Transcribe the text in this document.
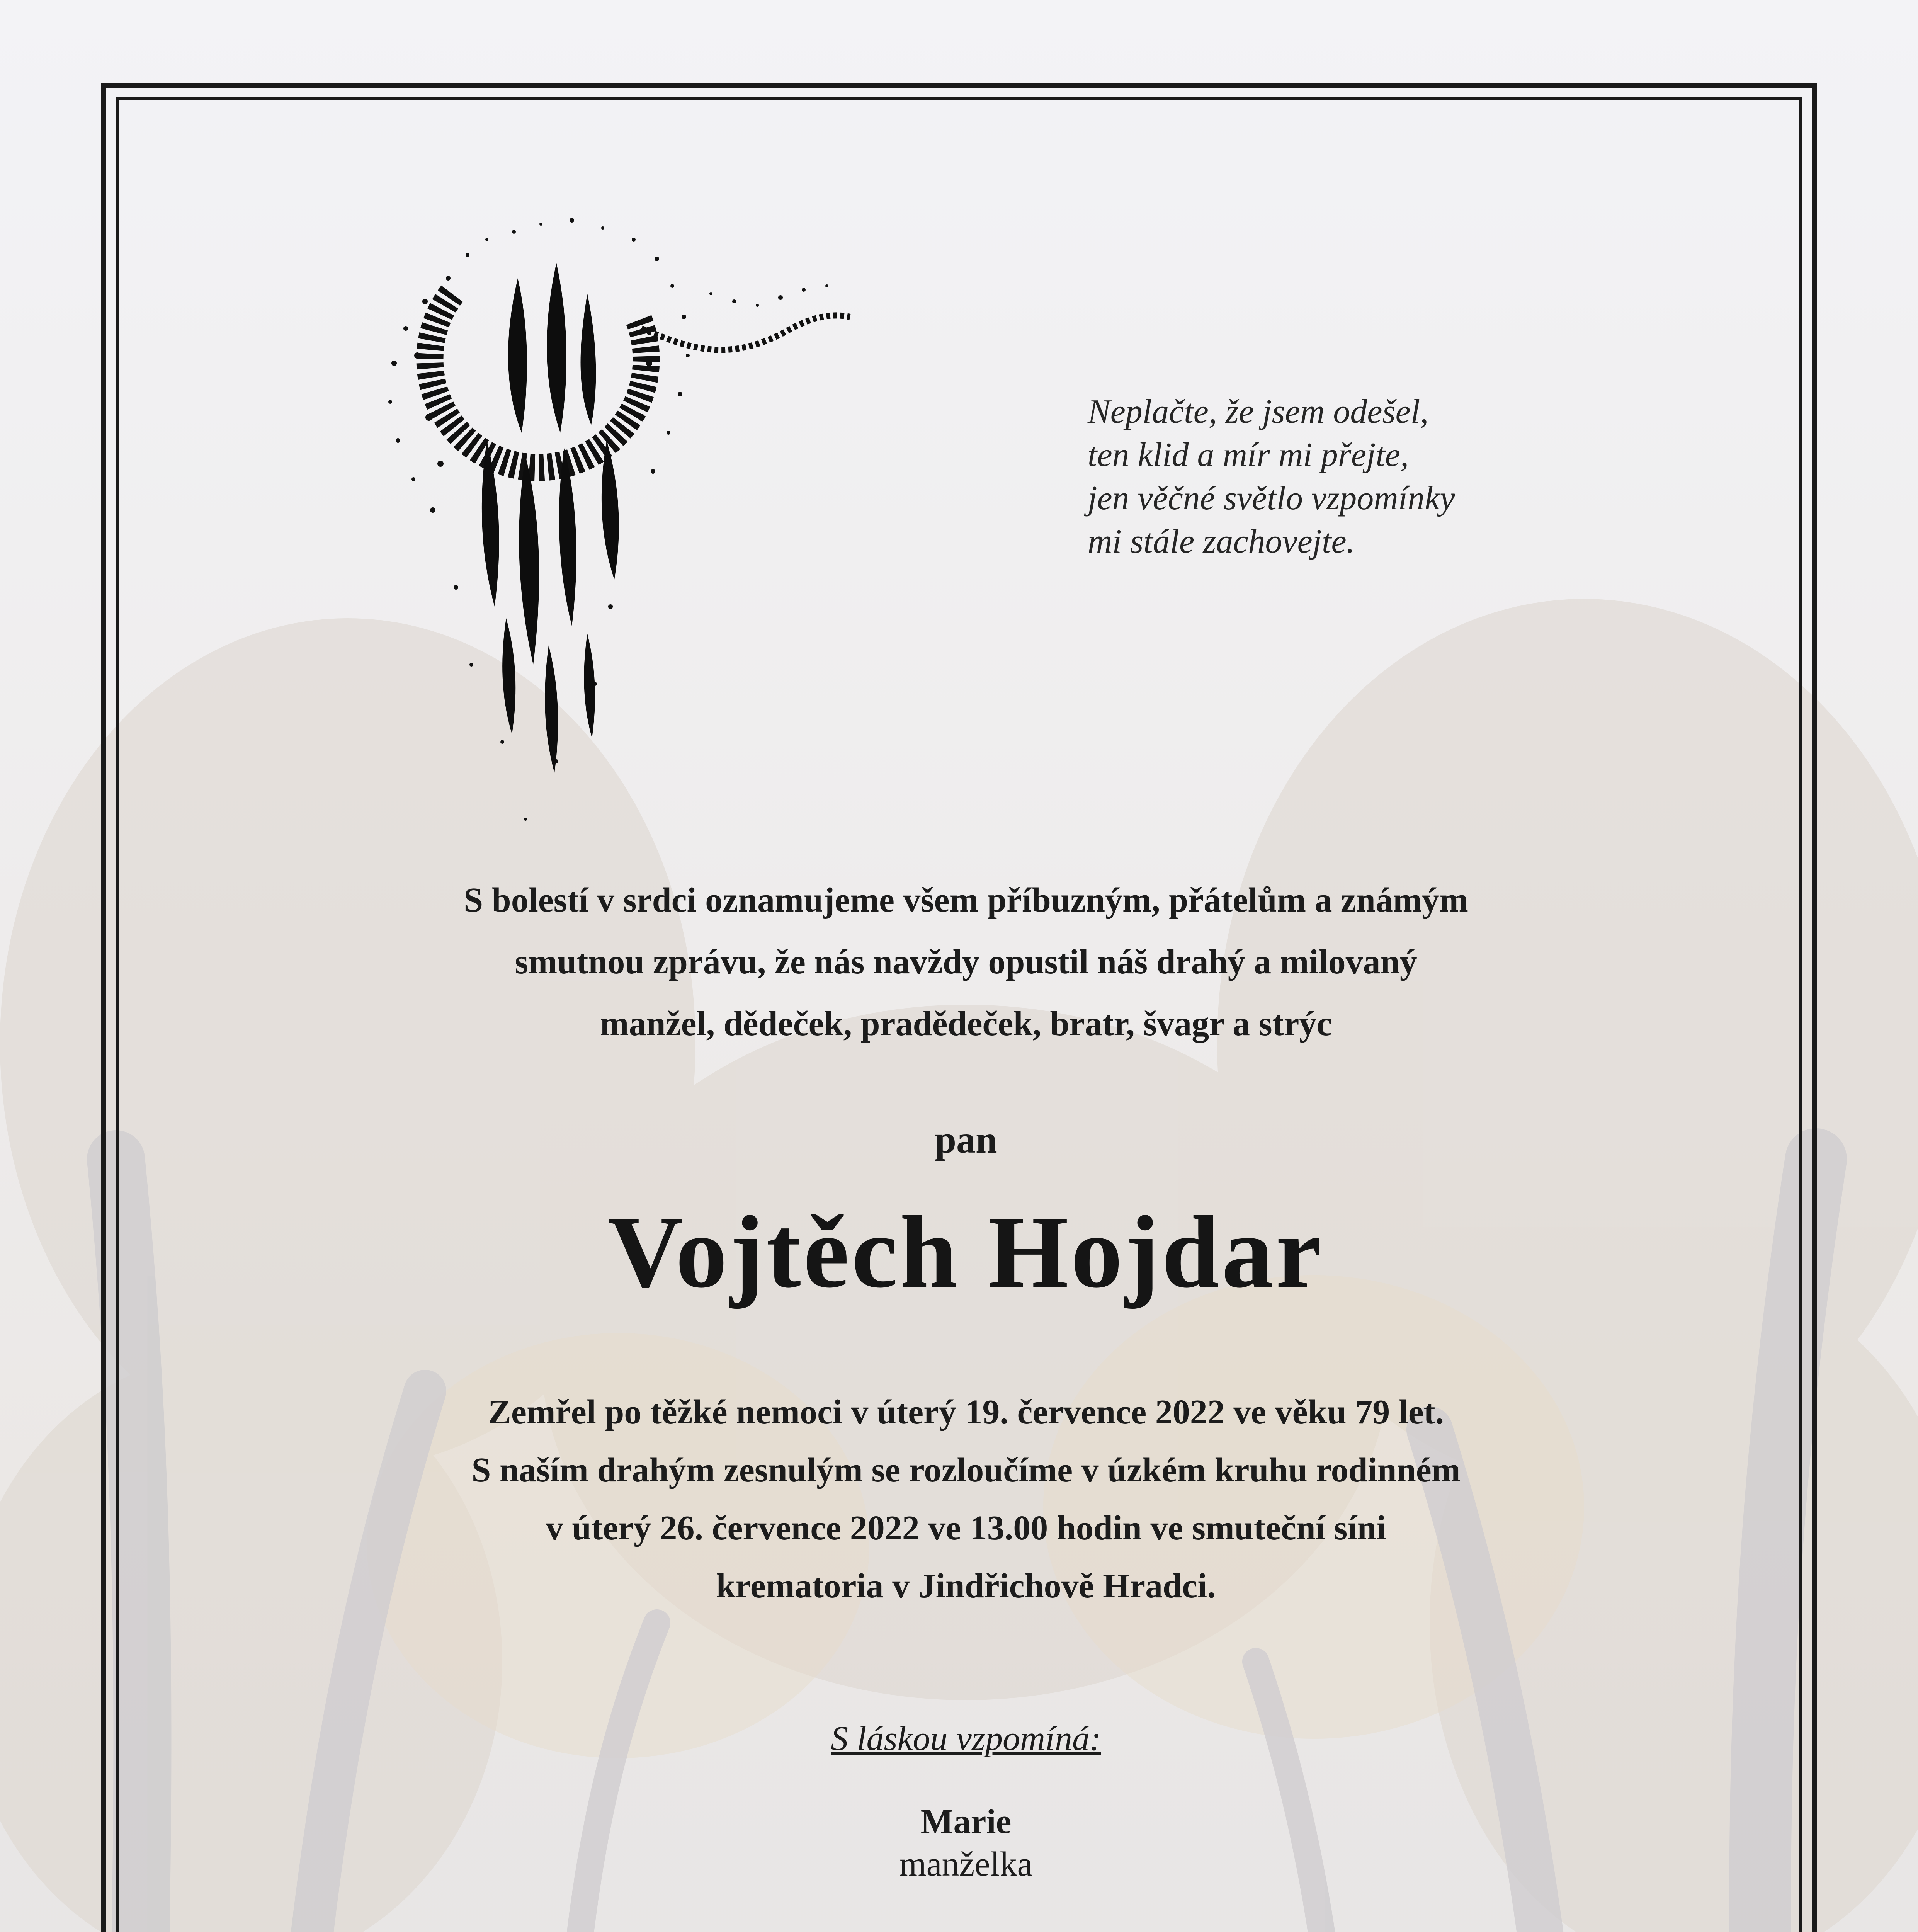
Neplačte, že jsem odešel,
ten klid a mír mi přejte,
jen věčné světlo vzpomínky
mi stále zachovejte.
S bolestí v srdci oznamujeme všem příbuzným, přátelům a známým
smutnou zprávu, že nás navždy opustil náš drahý a milovaný
manžel, dědeček, pradědeček, bratr, švagr a strýc
pan
Vojtěch Hojdar
Zemřel po těžké nemoci v úterý 19. července 2022 ve věku 79 let.
S naším drahým zesnulým se rozloučíme v úzkém kruhu rodinném
v úterý 26. července 2022 ve 13.00 hodin ve smuteční síni
krematoria v Jindřichově Hradci.
S láskou vzpomíná:
Marie
manželka
